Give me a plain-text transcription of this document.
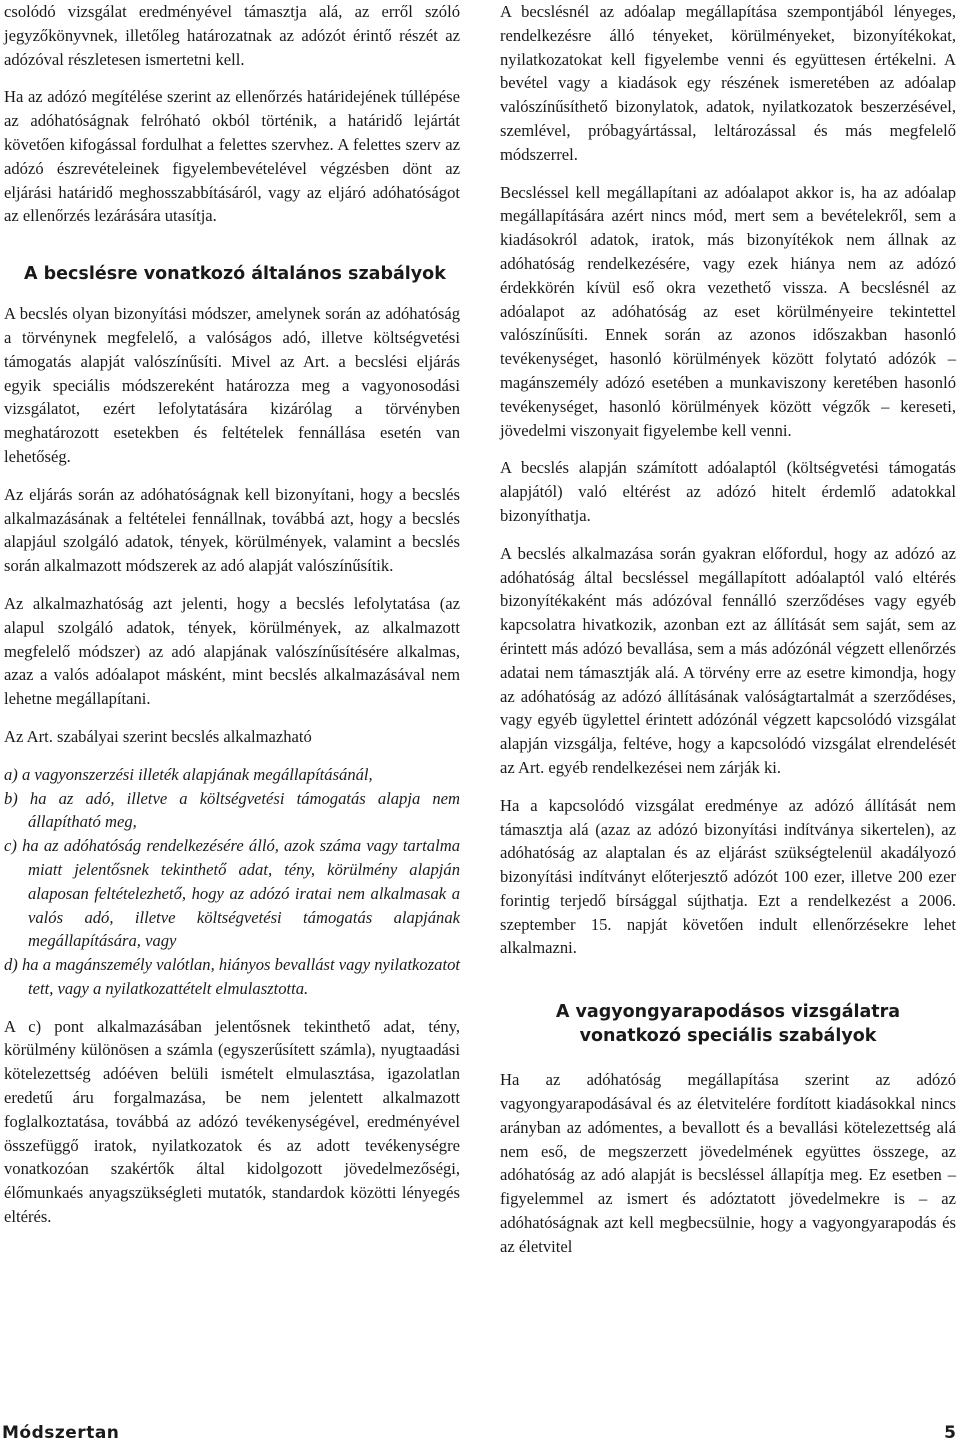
csolódó vizsgálat eredményével támasztja alá, az erről szóló jegyzőkönyvnek, illetőleg határozatnak az adózót érintő részét az adózóval részletesen ismertetni kell.

Ha az adózó megítélése szerint az ellenőrzés határidejének túllépése az adóhatóságnak felróható okból történik, a határidő lejártát követően kifogással fordulhat a felettes szervhez. A felettes szerv az adózó észrevételeinek figyelembevételével végzésben dönt az eljárási határidő meghosszabbításáról, vagy az eljáró adóhatóságot az ellenőrzés lezárására utasítja.

A becslésre vonatkozó általános szabályok

A becslés olyan bizonyítási módszer, amelynek során az adóhatóság a törvénynek megfelelő, a valóságos adó, illetve költségvetési támogatás alapját valószínűsíti. Mivel az Art. a becslési eljárás egyik speciális módszereként határozza meg a vagyonosodási vizsgálatot, ezért lefolytatására kizárólag a törvényben meghatározott esetekben és feltételek fennállása esetén van lehetőség.

Az eljárás során az adóhatóságnak kell bizonyítani, hogy a becslés alkalmazásának a feltételei fennállnak, továbbá azt, hogy a becslés alapjául szolgáló adatok, tények, körülmények, valamint a becslés során alkalmazott módszerek az adó alapját valószínűsítik.

Az alkalmazhatóság azt jelenti, hogy a becslés lefolytatása (az alapul szolgáló adatok, tények, körülmények, az alkalmazott megfelelő módszer) az adó alapjának valószínűsítésére alkalmas, azaz a valós adóalapot másként, mint becslés alkalmazásával nem lehetne megállapítani.

Az Art. szabályai szerint becslés alkalmazható

a) a vagyonszerzési illeték alapjának megállapításánál,
b) ha az adó, illetve a költségvetési támogatás alapja nem állapítható meg,
c) ha az adóhatóság rendelkezésére álló, azok száma vagy tartalma miatt jelentősnek tekinthető adat, tény, körülmény alapján alaposan feltételezhető, hogy az adózó iratai nem alkalmasak a valós adó, illetve költségvetési támogatás alapjának megállapítására, vagy
d) ha a magánszemély valótlan, hiányos bevallást vagy nyilatkozatot tett, vagy a nyilatkozattételt elmulasztotta.

A c) pont alkalmazásában jelentősnek tekinthető adat, tény, körülmény különösen a számla (egyszerűsített számla), nyugtaadási kötelezettség adóéven belüli ismételt elmulasztása, igazolatlan eredetű áru forgalmazása, be nem jelentett alkalmazott foglalkoztatása, továbbá az adózó tevékenységével, eredményével összefüggő iratok, nyilatkozatok és az adott tevékenységre vonatkozóan szakértők által kidolgozott jövedelmezőségi, élőmunkaés anyagszükségleti mutatók, standardok közötti lényegés eltérés.

A becslésnél az adóalap megállapítása szempontjából lényeges, rendelkezésre álló tényeket, körülményeket, bizonyítékokat, nyilatkozatokat kell figyelembe venni és együttesen értékelni. A bevétel vagy a kiadások egy részének ismeretében az adóalap valószínűsíthető bizonylatok, adatok, nyilatkozatok beszerzésével, szemlével, próbagyártással, leltározással és más megfelelő módszerrel.

Becsléssel kell megállapítani az adóalapot akkor is, ha az adóalap megállapítására azért nincs mód, mert sem a bevételekről, sem a kiadásokról adatok, iratok, más bizonyítékok nem állnak az adóhatóság rendelkezésére, vagy ezek hiánya nem az adózó érdekkörén kívül eső okra vezethető vissza. A becslésnél az adóalapot az adóhatóság az eset körülményeire tekintettel valószínűsíti. Ennek során az azonos időszakban hasonló tevékenységet, hasonló körülmények között folytató adózók – magánszemély adózó esetében a munkaviszony keretében hasonló tevékenységet, hasonló körülmények között végzők – kereseti, jövedelmi viszonyait figyelembe kell venni.

A becslés alapján számított adóalaptól (költségvetési támogatás alapjától) való eltérést az adózó hitelt érdemlő adatokkal bizonyíthatja.

A becslés alkalmazása során gyakran előfordul, hogy az adózó az adóhatóság által becsléssel megállapított adóalaptól való eltérés bizonyítékaként más adózóval fennálló szerződéses vagy egyéb kapcsolatra hivatkozik, azonban ezt az állítását sem saját, sem az érintett más adózó bevallása, sem a más adózónál végzett ellenőrzés adatai nem támasztják alá. A törvény erre az esetre kimondja, hogy az adóhatóság az adózó állításának valóságtartalmát a szerződéses, vagy egyéb ügylettel érintett adózónál végzett kapcsolódó vizsgálat alapján vizsgálja, feltéve, hogy a kapcsolódó vizsgálat elrendelését az Art. egyéb rendelkezései nem zárják ki.

Ha a kapcsolódó vizsgálat eredménye az adózó állítását nem támasztja alá (azaz az adózó bizonyítási indítványa sikertelen), az adóhatóság az alaptalan és az eljárást szükségtelenül akadályozó bizonyítási indítványt előterjesztő adózót 100 ezer, illetve 200 ezer forintig terjedő bírsággal sújthatja. Ezt a rendelkezést a 2006. szeptember 15. napját követően indult ellenőrzésekre lehet alkalmazni.

A vagyongyarapodásos vizsgálatra
vonatkozó speciális szabályok

Ha az adóhatóság megállapítása szerint az adózó vagyongyarapodásával és az életvitelére fordított kiadásokkal nincs arányban az adómentes, a bevallott és a bevallási kötelezettség alá nem eső, de megszerzett jövedelmének együttes összege, az adóhatóság az adó alapját is becsléssel állapítja meg. Ez esetben – figyelemmel az ismert és adóztatott jövedelmekre is – az adóhatóságnak azt kell megbecsülnie, hogy a vagyongyarapodás és az életvitel

Módszertan	5
